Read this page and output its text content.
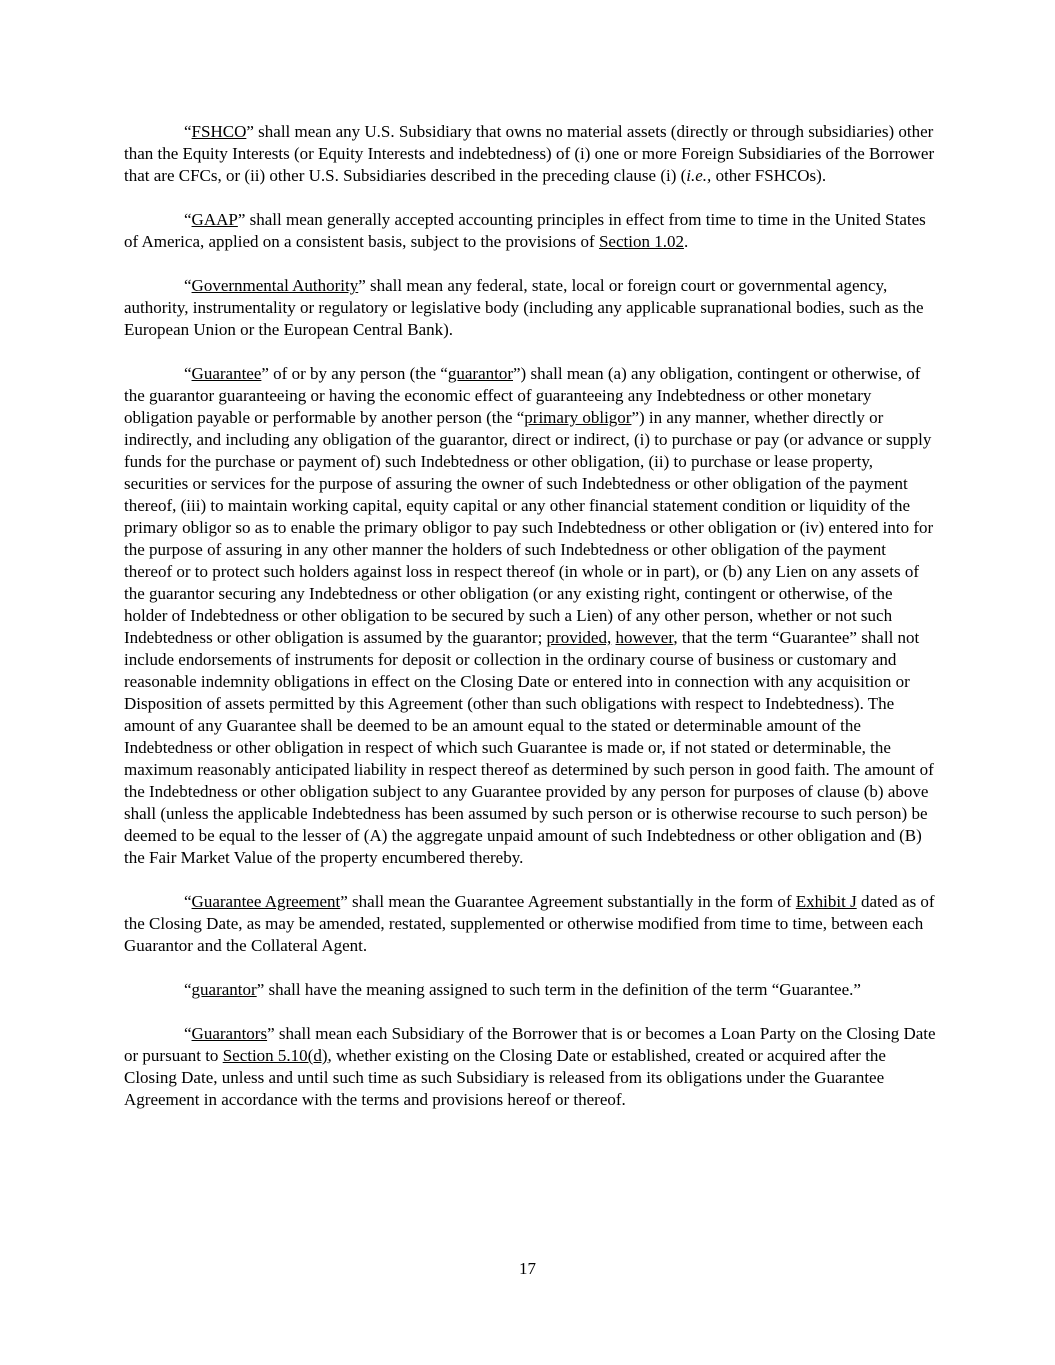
“FSHCO” shall mean any U.S. Subsidiary that owns no material assets (directly or through subsidiaries) other than the Equity Interests (or Equity Interests and indebtedness) of (i) one or more Foreign Subsidiaries of the Borrower that are CFCs, or (ii) other U.S. Subsidiaries described in the preceding clause (i) (i.e., other FSHCOs).

“GAAP” shall mean generally accepted accounting principles in effect from time to time in the United States of America, applied on a consistent basis, subject to the provisions of Section 1.02.

“Governmental Authority” shall mean any federal, state, local or foreign court or governmental agency, authority, instrumentality or regulatory or legislative body (including any applicable supranational bodies, such as the European Union or the European Central Bank).

“Guarantee” of or by any person (the “guarantor”) shall mean (a) any obligation, contingent or otherwise, of the guarantor guaranteeing or having the economic effect of guaranteeing any Indebtedness or other monetary obligation payable or performable by another person (the “primary obligor”) in any manner, whether directly or indirectly, and including any obligation of the guarantor, direct or indirect, (i) to purchase or pay (or advance or supply funds for the purchase or payment of) such Indebtedness or other obligation, (ii) to purchase or lease property, securities or services for the purpose of assuring the owner of such Indebtedness or other obligation of the payment thereof, (iii) to maintain working capital, equity capital or any other financial statement condition or liquidity of the primary obligor so as to enable the primary obligor to pay such Indebtedness or other obligation or (iv) entered into for the purpose of assuring in any other manner the holders of such Indebtedness or other obligation of the payment thereof or to protect such holders against loss in respect thereof (in whole or in part), or (b) any Lien on any assets of the guarantor securing any Indebtedness or other obligation (or any existing right, contingent or otherwise, of the holder of Indebtedness or other obligation to be secured by such a Lien) of any other person, whether or not such Indebtedness or other obligation is assumed by the guarantor; provided, however, that the term “Guarantee” shall not include endorsements of instruments for deposit or collection in the ordinary course of business or customary and reasonable indemnity obligations in effect on the Closing Date or entered into in connection with any acquisition or Disposition of assets permitted by this Agreement (other than such obligations with respect to Indebtedness). The amount of any Guarantee shall be deemed to be an amount equal to the stated or determinable amount of the Indebtedness or other obligation in respect of which such Guarantee is made or, if not stated or determinable, the maximum reasonably anticipated liability in respect thereof as determined by such person in good faith. The amount of the Indebtedness or other obligation subject to any Guarantee provided by any person for purposes of clause (b) above shall (unless the applicable Indebtedness has been assumed by such person or is otherwise recourse to such person) be deemed to be equal to the lesser of (A) the aggregate unpaid amount of such Indebtedness or other obligation and (B) the Fair Market Value of the property encumbered thereby.

“Guarantee Agreement” shall mean the Guarantee Agreement substantially in the form of Exhibit J dated as of the Closing Date, as may be amended, restated, supplemented or otherwise modified from time to time, between each Guarantor and the Collateral Agent.

“guarantor” shall have the meaning assigned to such term in the definition of the term “Guarantee.”

“Guarantors” shall mean each Subsidiary of the Borrower that is or becomes a Loan Party on the Closing Date or pursuant to Section 5.10(d), whether existing on the Closing Date or established, created or acquired after the Closing Date, unless and until such time as such Subsidiary is released from its obligations under the Guarantee Agreement in accordance with the terms and provisions hereof or thereof.

17
